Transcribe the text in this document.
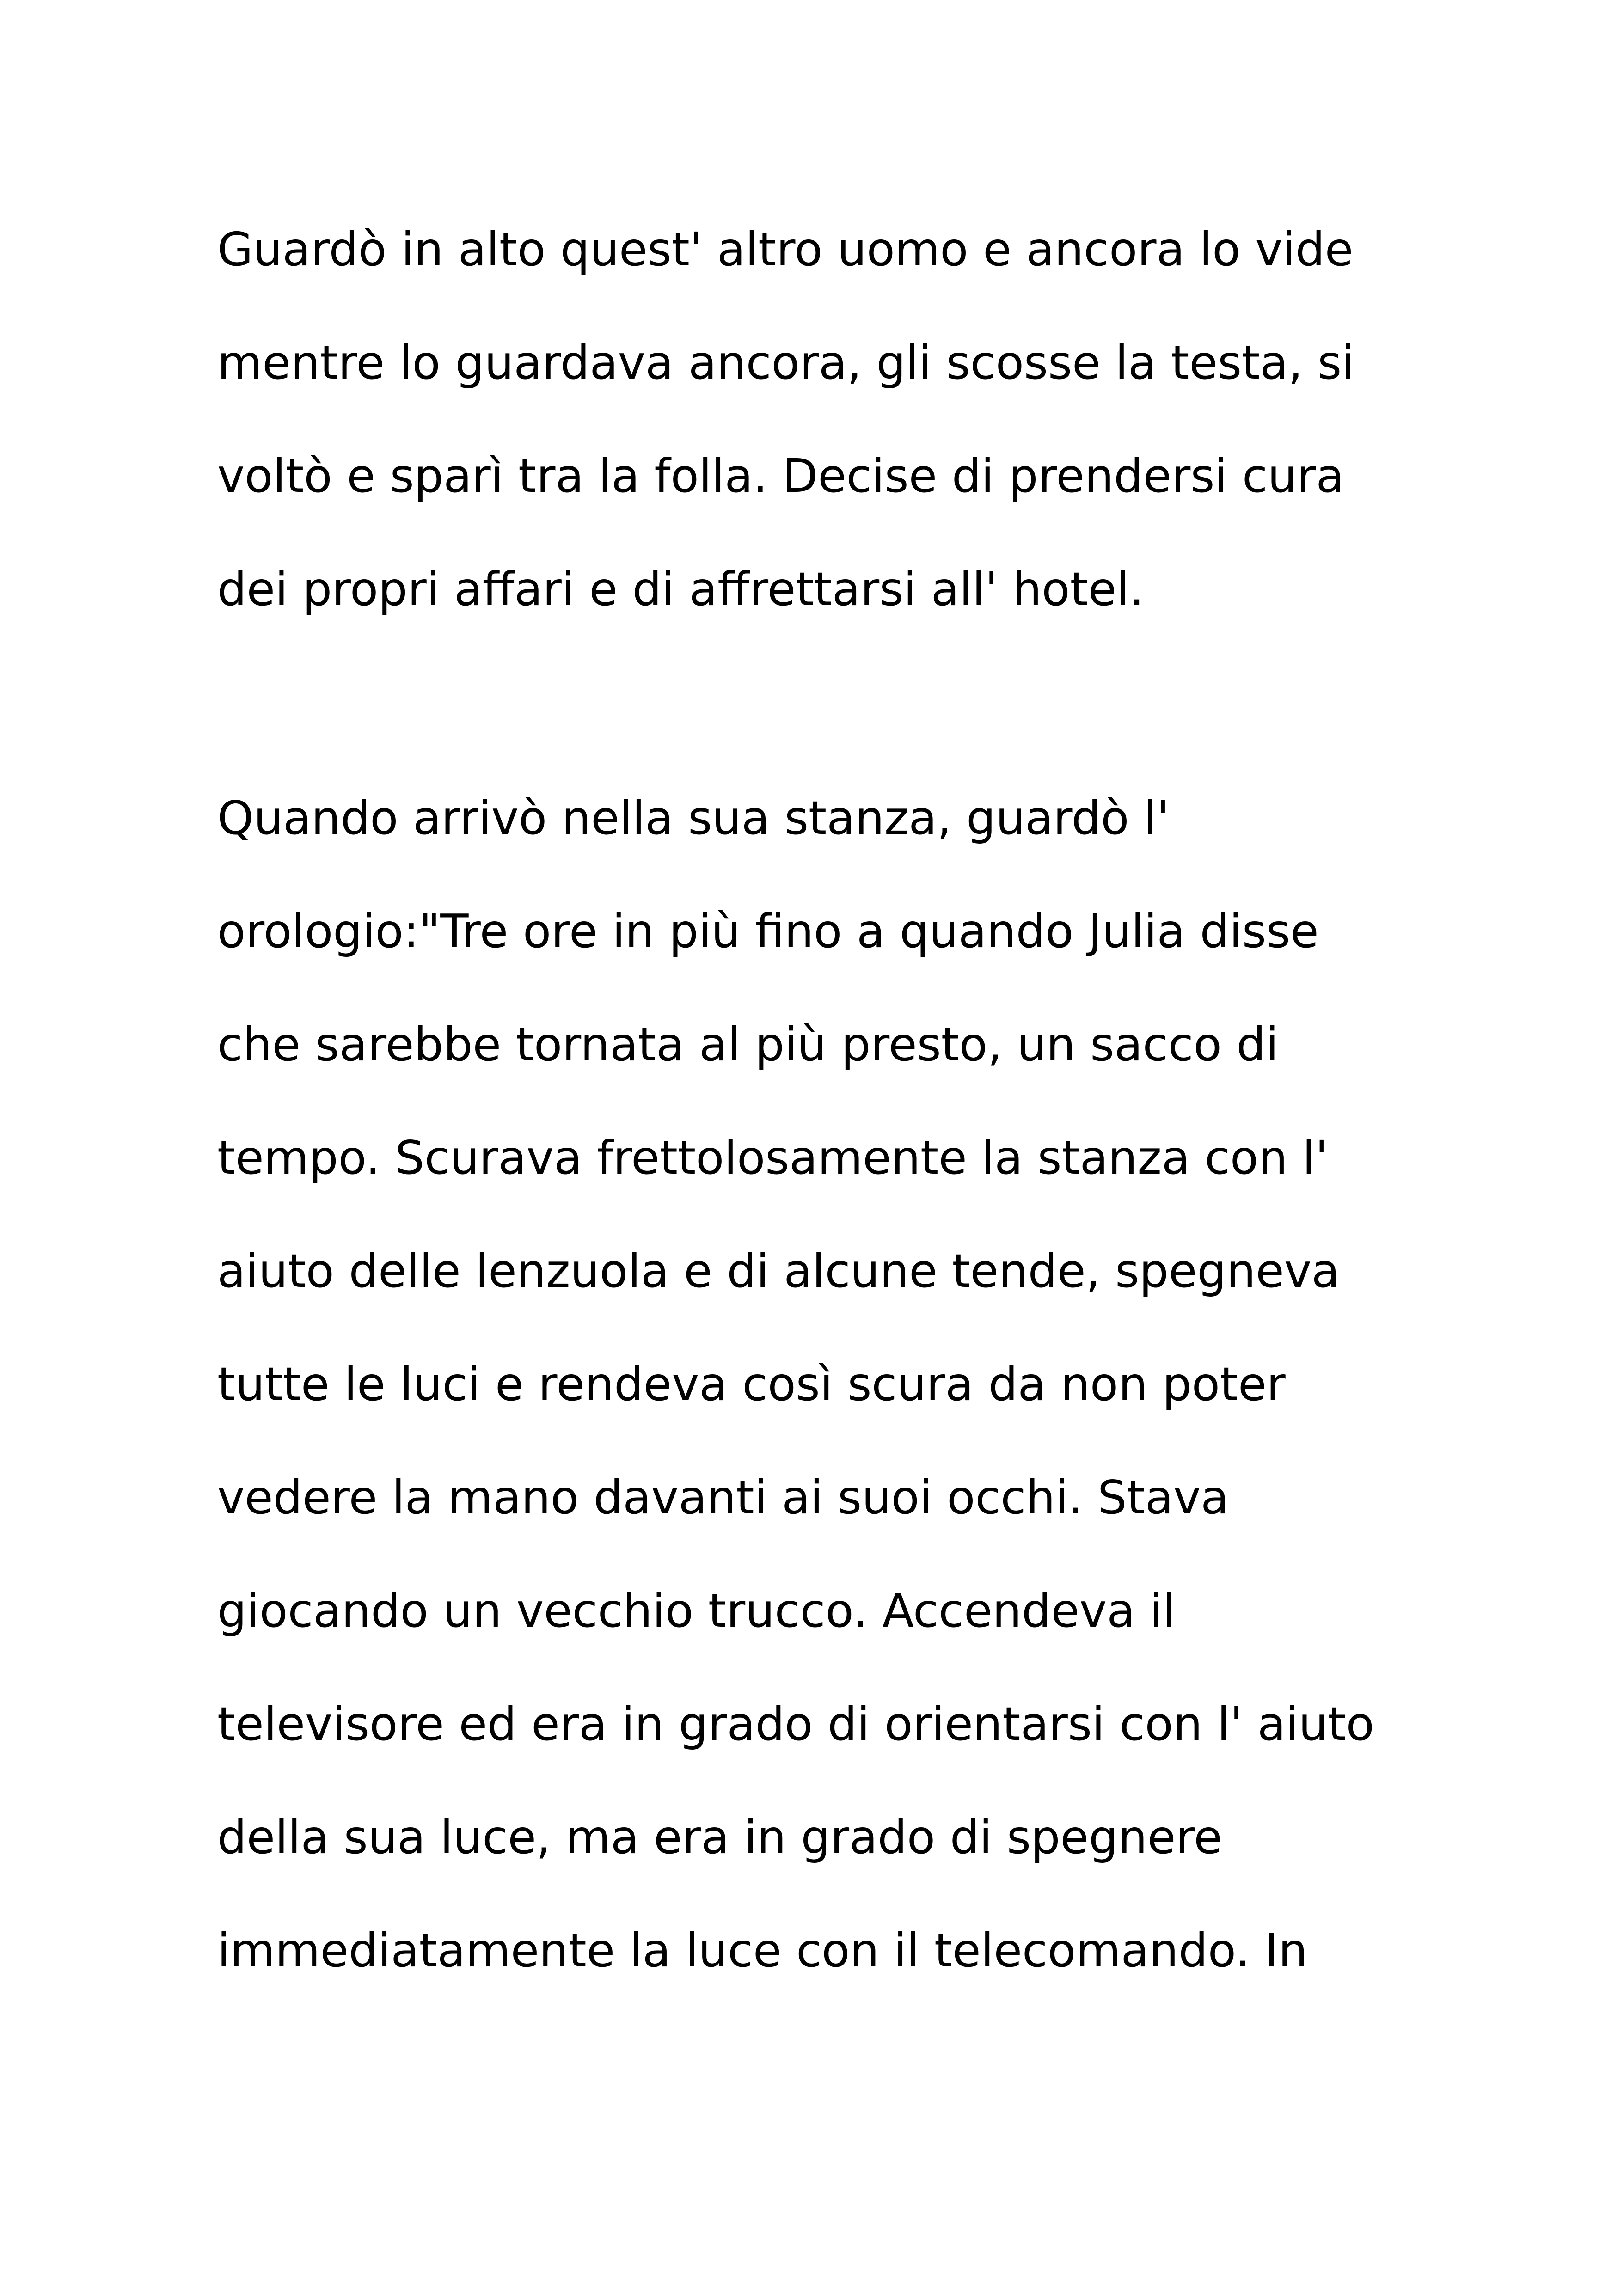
Guardò in alto quest' altro uomo e ancora lo vide
mentre lo guardava ancora, gli scosse la testa, si
voltò e sparì tra la folla. Decise di prendersi cura
dei propri affari e di affrettarsi all' hotel.
Quando arrivò nella sua stanza, guardò l'
orologio:"Tre ore in più fino a quando Julia disse
che sarebbe tornata al più presto, un sacco di
tempo. Scurava frettolosamente la stanza con l'
aiuto delle lenzuola e di alcune tende, spegneva
tutte le luci e rendeva così scura da non poter
vedere la mano davanti ai suoi occhi. Stava
giocando un vecchio trucco. Accendeva il
televisore ed era in grado di orientarsi con l' aiuto
della sua luce, ma era in grado di spegnere
immediatamente la luce con il telecomando. In
